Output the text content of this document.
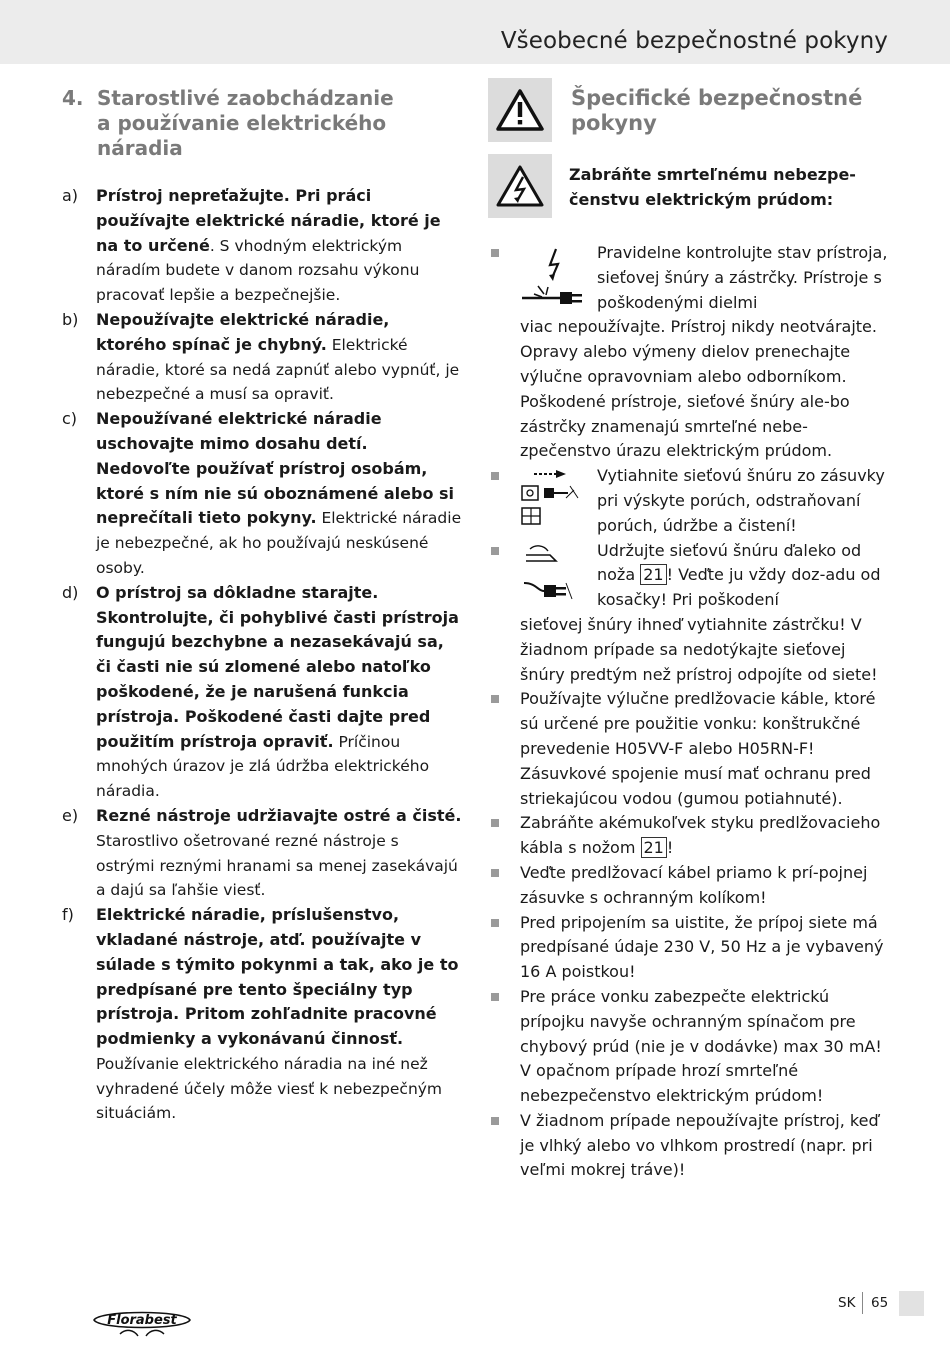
Všeobecné bezpečnostné pokyny
4. Starostlivé zaobchádzanie
a používanie elektrického
náradia
a)	Prístroj nepreťažujte. Pri práci používajte elektrické náradie, ktoré je na to určené. S vhodným elektrickým náradím budete v danom rozsahu výkonu pracovať lepšie a bezpečnejšie.
b)	Nepoužívajte elektrické náradie, ktorého spínač je chybný. Elektrické náradie, ktoré sa nedá zapnúť alebo vypnúť, je nebezpečné a musí sa opraviť.
c)	Nepoužívané elektrické náradie uschovajte mimo dosahu detí. Nedovoľte používať prístroj osobám, ktoré s ním nie sú oboznámené alebo si neprečítali tieto pokyny. Elektrické náradie je nebezpečné, ak ho používajú neskúsené osoby.
d)	O prístroj sa dôkladne starajte. Skontrolujte, či pohyblivé časti prístroja fungujú bezchybne a nezasekávajú sa, či časti nie sú zlomené alebo natoľko poškodené, že je narušená funkcia prístroja. Poškodené časti dajte pred použitím prístroja opraviť. Príčinou mnohých úrazov je zlá údržba elektrického náradia.
e)	Rezné nástroje udržiavajte ostré a čisté. Starostlivo ošetrované rezné nástroje s ostrými reznými hranami sa menej zasekávajú a dajú sa ľahšie viesť.
f)	Elektrické náradie, príslušenstvo, vkladané nástroje, atď. používajte v súlade s týmito pokynmi a tak, ako je to predpísané pre tento špeciálny typ prístroja. Pritom zohľadnite pracovné podmienky a vykonávanú činnosť. Používanie elektrického náradia na iné než vyhradené účely môže viesť k nebezpečným situáciám.
Špecifické bezpečnostné
pokyny
Zabráňte smrteľnému nebezpe-
čenstvu elektrickým prúdom:
Pravidelne kontrolujte stav prístroja, sieťovej šnúry a zástrčky. Prístroje s poškodenými dielmi
viac nepoužívajte. Prístroj nikdy neotvárajte. Opravy alebo výmeny dielov prenechajte výlučne opravovniam alebo odborníkom. Poškodené prístroje, sieťové šnúry ale-bo zástrčky znamenajú smrteľné nebe- zpečenstvo úrazu elektrickým prúdom.
Vytiahnite sieťovú šnúru zo zásuvky pri výskyte porúch, odstraňovaní porúch, údržbe a čistení!
Udržujte sieťovú šnúru ďaleko od noža 21 ! Veďte ju vždy doz-adu od kosačky! Pri poškodení
sieťovej šnúry ihneď vytiahnite zástrčku! V žiadnom prípade sa nedotýkajte sieťovej šnúry predtým než prístroj odpojíte od siete!
Používajte výlučne predlžovacie káble, ktoré sú určené pre použitie vonku: konštrukčné prevedenie H05VV-F alebo H05RN-F! Zásuvkové spojenie musí mať ochranu pred striekajúcou vodou (gumou potiahnuté).
Zabráňte akémukoľvek styku predlžovacieho kábla s nožom 21 !
Veďte predlžovací kábel priamo k prí-pojnej zásuvke s ochranným kolíkom!
Pred pripojením sa uistite, že prípoj siete má predpísané údaje 230 V, 50 Hz a je vybavený 16 A poistkou!
Pre práce vonku zabezpečte elektrickú prípojku navyše ochranným spínačom pre chybový prúd (nie je v dodávke) max 30 mA! V opačnom prípade hrozí smrteľné nebezpečenstvo elektrickým prúdom!
V žiadnom prípade nepoužívajte prístroj, keď je vlhký alebo vo vlhkom prostredí (napr. pri veľmi mokrej tráve)!
Florabest
SK 65
